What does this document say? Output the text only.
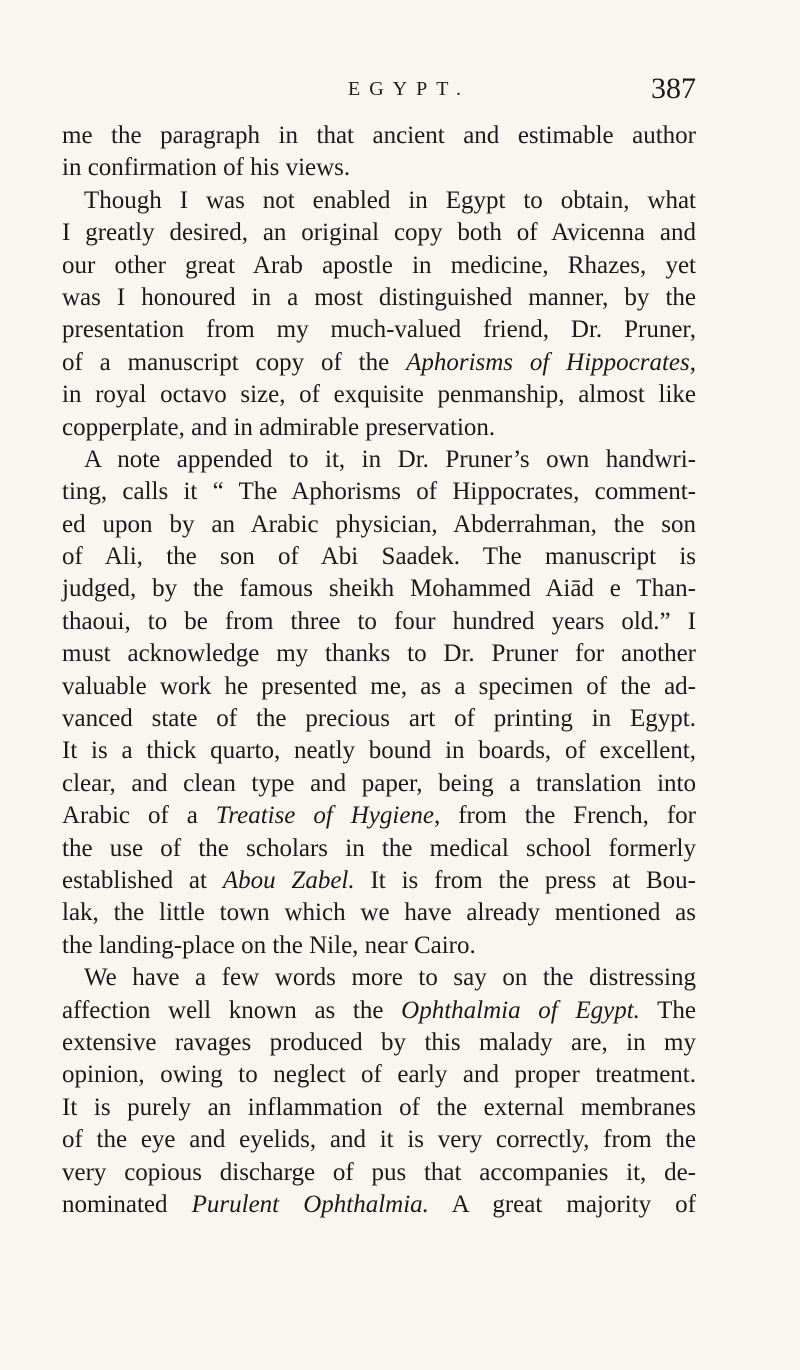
EGYPT.	387
me the paragraph in that ancient and estimable author
in confirmation of his views.
Though I was not enabled in Egypt to obtain, what
I greatly desired, an original copy both of Avicenna and
our other great Arab apostle in medicine, Rhazes, yet
was I honoured in a most distinguished manner, by the
presentation from my much-valued friend, Dr. Pruner,
of a manuscript copy of the Aphorisms of Hippocrates,
in royal octavo size, of exquisite penmanship, almost like
copperplate, and in admirable preservation.
A note appended to it, in Dr. Pruner’s own handwri-
ting, calls it “ The Aphorisms of Hippocrates, comment-
ed upon by an Arabic physician, Abderrahman, the son
of Ali, the son of Abi Saadek. The manuscript is
judged, by the famous sheikh Mohammed Aiād e Than-
thaoui, to be from three to four hundred years old.” I
must acknowledge my thanks to Dr. Pruner for another
valuable work he presented me, as a specimen of the ad-
vanced state of the precious art of printing in Egypt.
It is a thick quarto, neatly bound in boards, of excellent,
clear, and clean type and paper, being a translation into
Arabic of a Treatise of Hygiene, from the French, for
the use of the scholars in the medical school formerly
established at Abou Zabel. It is from the press at Bou-
lak, the little town which we have already mentioned as
the landing-place on the Nile, near Cairo.
We have a few words more to say on the distressing
affection well known as the Ophthalmia of Egypt. The
extensive ravages produced by this malady are, in my
opinion, owing to neglect of early and proper treatment.
It is purely an inflammation of the external membranes
of the eye and eyelids, and it is very correctly, from the
very copious discharge of pus that accompanies it, de-
nominated Purulent Ophthalmia. A great majority of
